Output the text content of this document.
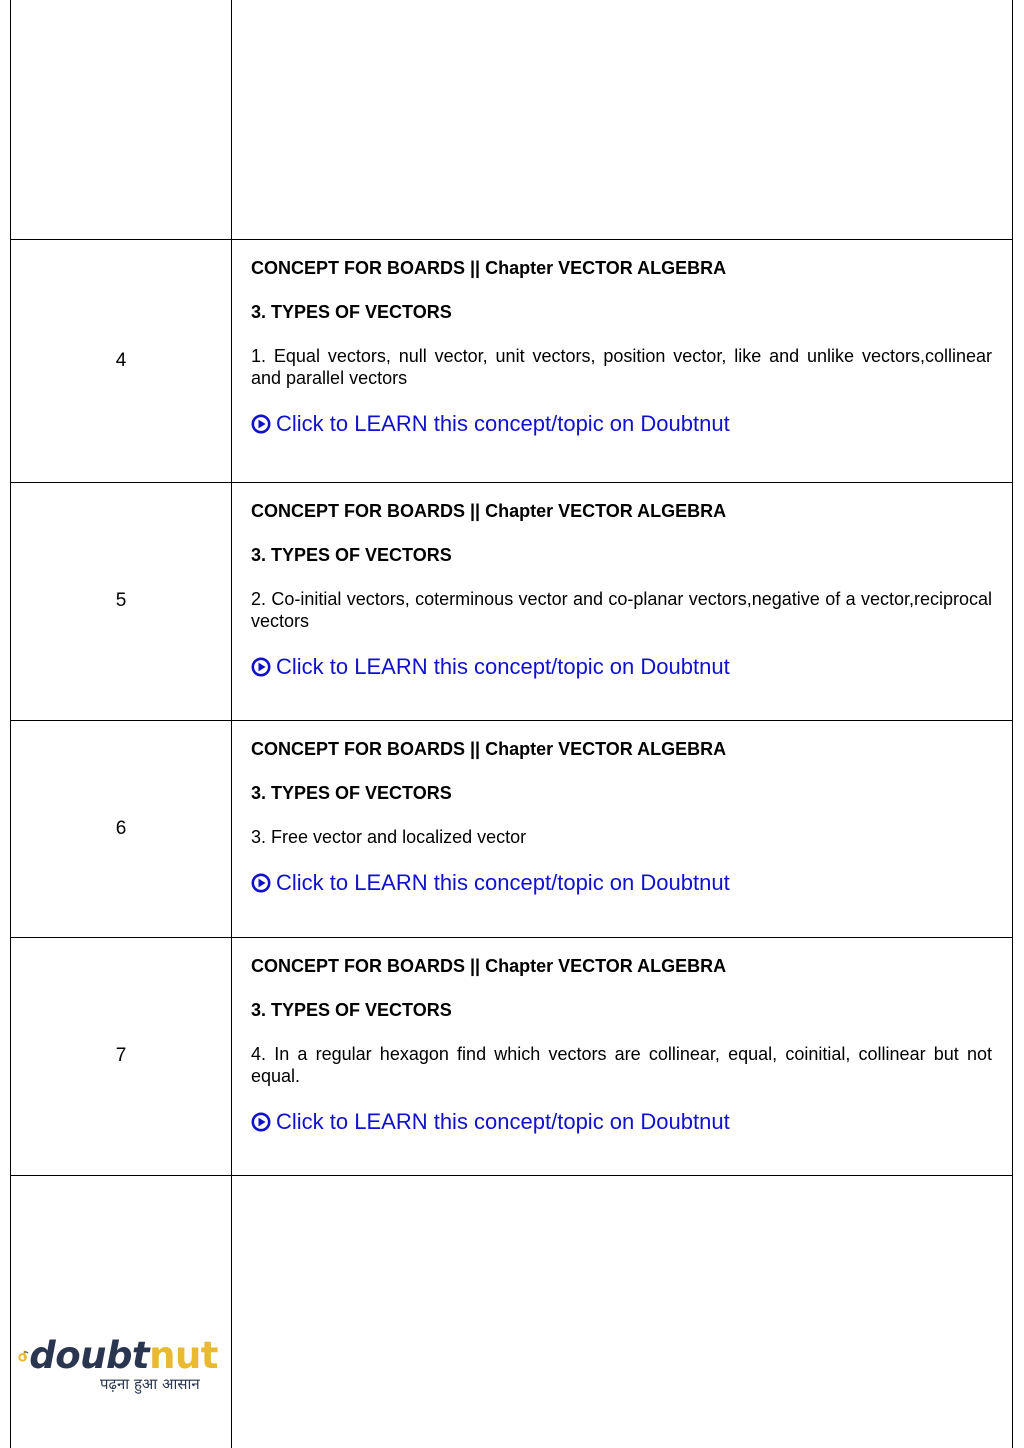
4

CONCEPT FOR BOARDS || Chapter VECTOR ALGEBRA

3. TYPES OF VECTORS

1. Equal vectors, null vector, unit vectors, position vector, like and unlike vectors,collinear and parallel vectors

Click to LEARN this concept/topic on Doubtnut
5

CONCEPT FOR BOARDS || Chapter VECTOR ALGEBRA

3. TYPES OF VECTORS

2. Co-initial vectors, coterminous vector and co-planar vectors,negative of a vector,reciprocal vectors

Click to LEARN this concept/topic on Doubtnut
6

CONCEPT FOR BOARDS || Chapter VECTOR ALGEBRA

3. TYPES OF VECTORS

3. Free vector and localized vector

Click to LEARN this concept/topic on Doubtnut
7

CONCEPT FOR BOARDS || Chapter VECTOR ALGEBRA

3. TYPES OF VECTORS

4. In a regular hexagon find which vectors are collinear, equal, coinitial, collinear but not equal.

Click to LEARN this concept/topic on Doubtnut
doubt nut
पढ़ना हुआ आसान
